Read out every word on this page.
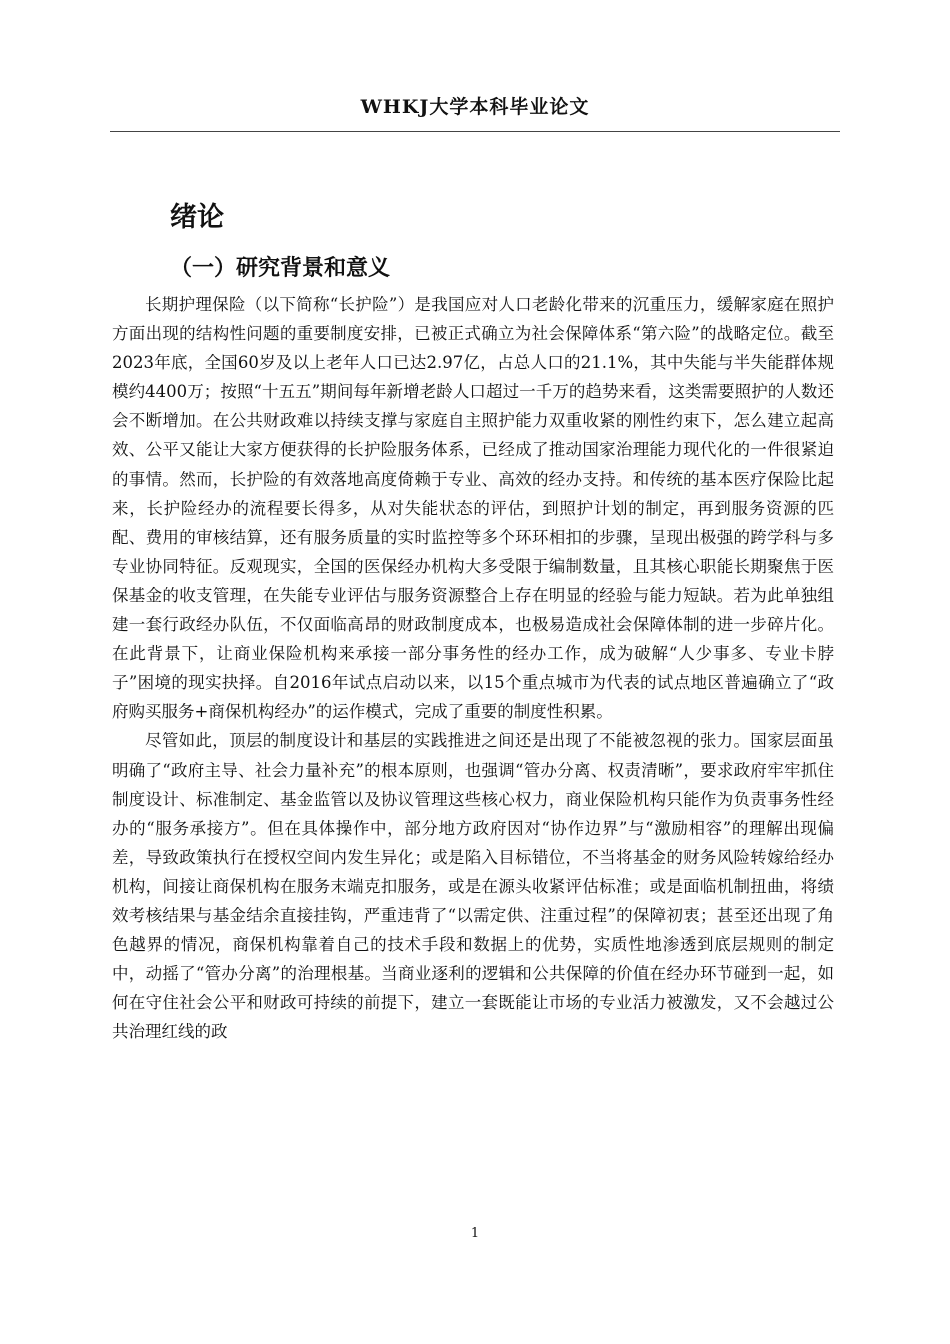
WHKJ大学本科毕业论文
绪论
（一）研究背景和意义

长期护理保险（以下简称“长护险”）是我国应对人口老龄化带来的沉重压力，缓解家庭在照护方面出现的结构性问题的重要制度安排，已被正式确立为社会保障体系“第六险”的战略定位。截至2023年底，全国60岁及以上老年人口已达2.97亿，占总人口的21.1%，其中失能与半失能群体规模约4400万；按照“十五五”期间每年新增老龄人口超过一千万的趋势来看，这类需要照护的人数还会不断增加。在公共财政难以持续支撑与家庭自主照护能力双重收紧的刚性约束下，怎么建立起高效、公平又能让大家方便获得的长护险服务体系，已经成了推动国家治理能力现代化的一件很紧迫的事情。然而，长护险的有效落地高度倚赖于专业、高效的经办支持。和传统的基本医疗保险比起来，长护险经办的流程要长得多，从对失能状态的评估，到照护计划的制定，再到服务资源的匹配、费用的审核结算，还有服务质量的实时监控等多个环环相扣的步骤，呈现出极强的跨学科与多专业协同特征。反观现实，全国的医保经办机构大多受限于编制数量，且其核心职能长期聚焦于医保基金的收支管理，在失能专业评估与服务资源整合上存在明显的经验与能力短缺。若为此单独组建一套行政经办队伍，不仅面临高昂的财政制度成本，也极易造成社会保障体制的进一步碎片化。在此背景下，让商业保险机构来承接一部分事务性的经办工作，成为破解“人少事多、专业卡脖子”困境的现实抉择。自2016年试点启动以来，以15个重点城市为代表的试点地区普遍确立了“政府购买服务+商保机构经办”的运作模式，完成了重要的制度性积累。

尽管如此，顶层的制度设计和基层的实践推进之间还是出现了不能被忽视的张力。国家层面虽明确了“政府主导、社会力量补充”的根本原则，也强调“管办分离、权责清晰”，要求政府牢牢抓住制度设计、标准制定、基金监管以及协议管理这些核心权力，商业保险机构只能作为负责事务性经办的“服务承接方”。但在具体操作中，部分地方政府因对“协作边界”与“激励相容”的理解出现偏差，导致政策执行在授权空间内发生异化；或是陷入目标错位，不当将基金的财务风险转嫁给经办机构，间接让商保机构在服务末端克扣服务，或是在源头收紧评估标准；或是面临机制扭曲，将绩效考核结果与基金结余直接挂钩，严重违背了“以需定供、注重过程”的保障初衷；甚至还出现了角色越界的情况，商保机构靠着自己的技术手段和数据上的优势，实质性地渗透到底层规则的制定中，动摇了“管办分离”的治理根基。当商业逐利的逻辑和公共保障的价值在经办环节碰到一起，如何在守住社会公平和财政可持续的前提下，建立一套既能让市场的专业活力被激发，又不会越过公共治理红线的政

1
